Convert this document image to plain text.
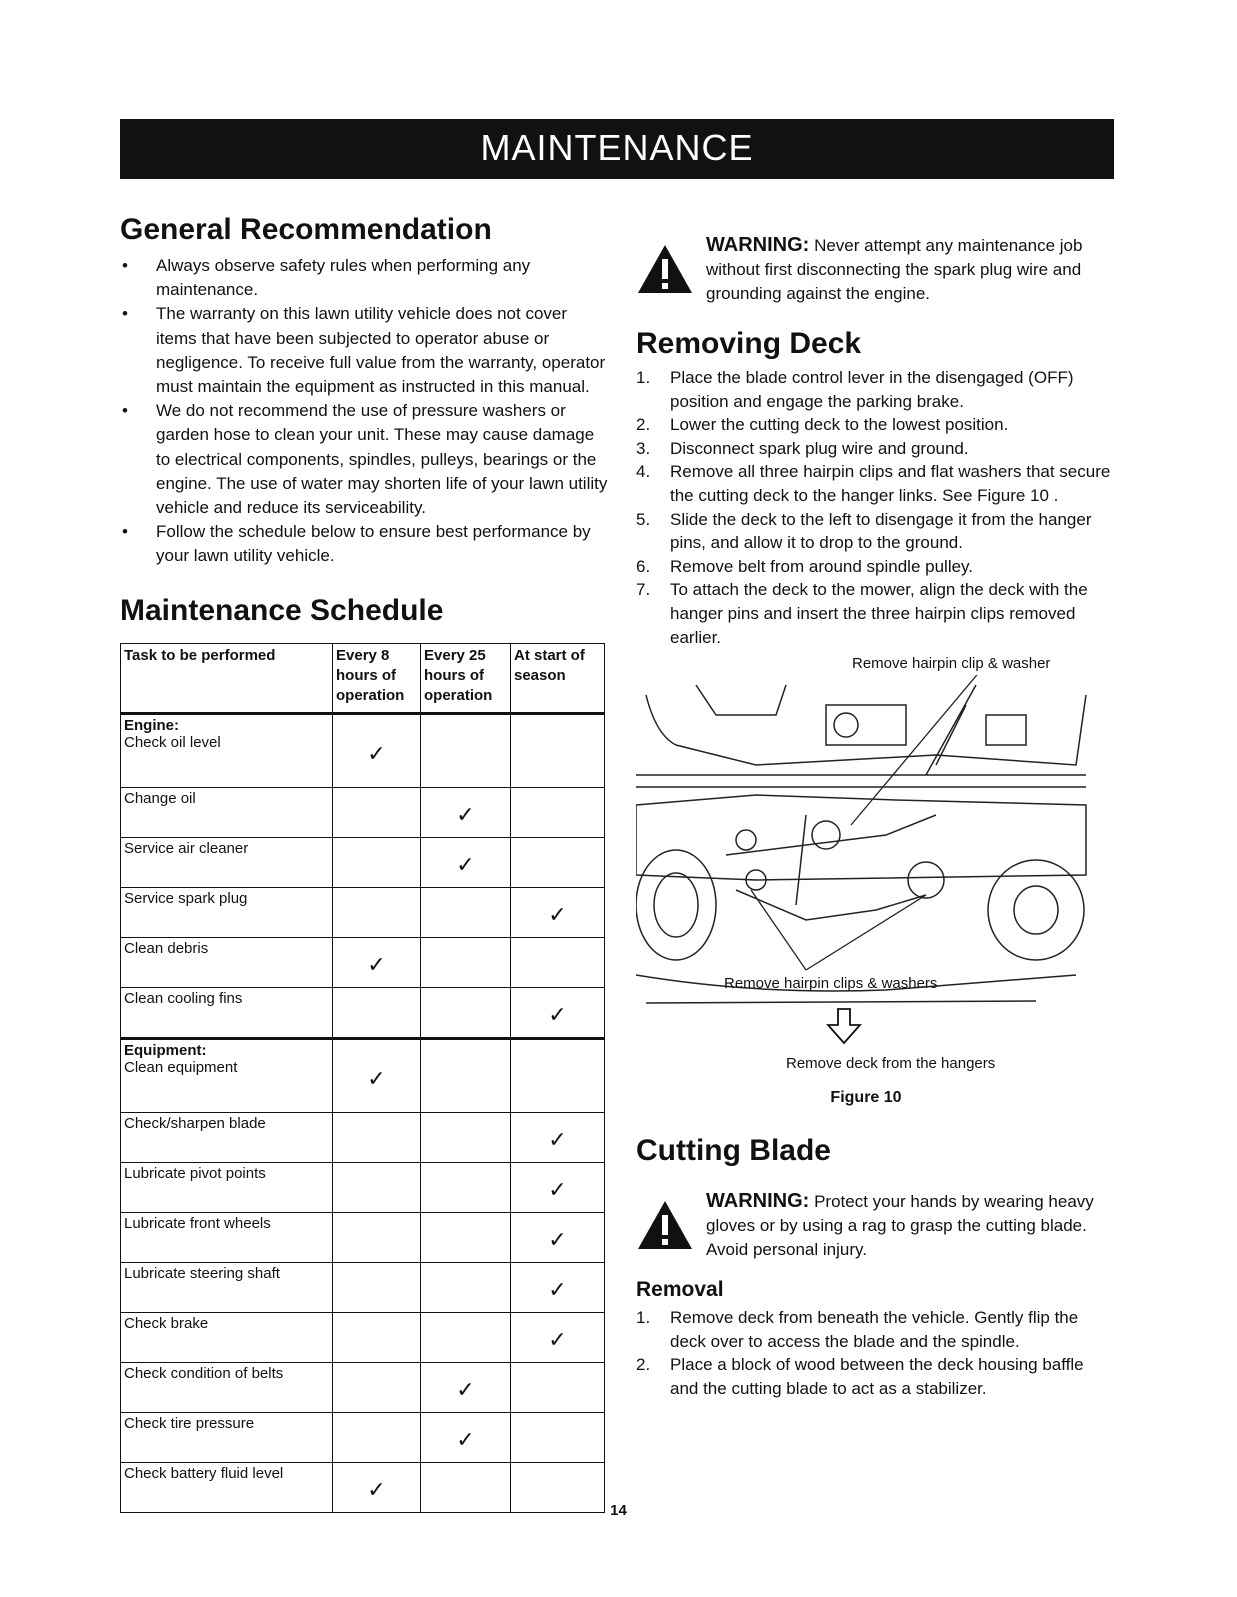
MAINTENANCE
General Recommendation
• Always observe safety rules when performing any maintenance.
• The warranty on this lawn utility vehicle does not cover items that have been subjected to operator abuse or negligence. To receive full value from the warranty, operator must maintain the equipment as instructed in this manual.
• We do not recommend the use of pressure washers or garden hose to clean your unit. These may cause damage to electrical components, spindles, pulleys, bearings or the engine. The use of water may shorten life of your lawn utility vehicle and reduce its serviceability.
• Follow the schedule below to ensure best performance by your lawn utility vehicle.
Maintenance Schedule
Task to be performed	Every 8 hours of operation	Every 25 hours of operation	At start of season

Engine:
Check oil level	✓		
Change oil		✓	
Service air cleaner		✓	
Service spark plug			✓
Clean debris	✓		
Clean cooling fins			✓

Equipment:
Clean equipment	✓		
Check/sharpen blade			✓
Lubricate pivot points			✓
Lubricate front wheels			✓
Lubricate steering shaft			✓
Check brake			✓
Check condition of belts		✓	
Check tire pressure		✓	
Check battery fluid level	✓		
WARNING: Never attempt any maintenance job without first disconnecting the spark plug wire and grounding against the engine.
Removing Deck
1. Place the blade control lever in the disengaged (OFF) position and engage the parking brake.
2. Lower the cutting deck to the lowest position.
3. Disconnect spark plug wire and ground.
4. Remove all three hairpin clips and flat washers that secure the cutting deck to the hanger links. See Figure 10 .
5. Slide the deck to the left to disengage it from the hanger pins, and allow it to drop to the ground.
6. Remove belt from around spindle pulley.
7. To attach the deck to the mower, align the deck with the hanger pins and insert the three hairpin clips removed earlier.
Remove hairpin clip & washer
Remove hairpin clips & washers
Remove deck from the hangers
Figure 10
Cutting Blade
WARNING: Protect your hands by wearing heavy gloves or by using a rag to grasp the cutting blade. Avoid personal injury.
Removal
1. Remove deck from beneath the vehicle. Gently flip the deck over to access the blade and the spindle.
2. Place a block of wood between the deck housing baffle and the cutting blade to act as a stabilizer.
14
